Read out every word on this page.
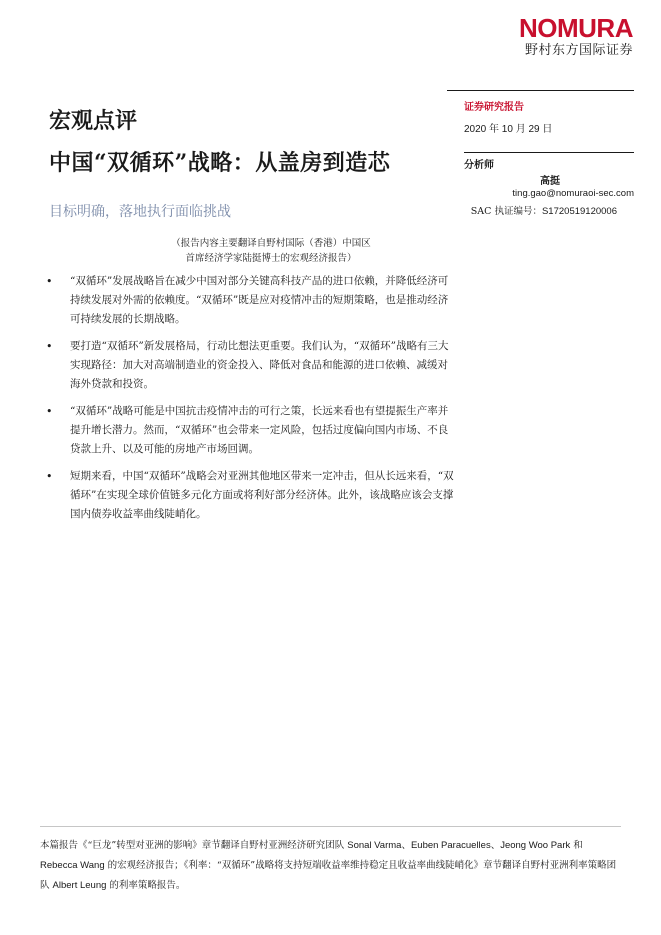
NOMURA
野村东方国际证券
证券研究报告
2020 年 10 月 29 日
宏观点评
中国“双循环”战略：从盖房到造芯
目标明确，落地执行面临挑战
分析师
高挺
ting.gao@nomuraoi-sec.com
SAC 执证编号：S1720519120006
（报告内容主要翻译自野村国际（香港）中国区
首席经济学家陆挺博士的宏观经济报告）
• “双循环”发展战略旨在减少中国对部分关键高科技产品的进口依赖，并降低经济可持续发展对外需的依赖度。“双循环”既是应对疫情冲击的短期策略，也是推动经济可持续发展的长期战略。
• 要打造“双循环”新发展格局，行动比想法更重要。我们认为，“双循环”战略有三大实现路径：加大对高端制造业的资金投入、降低对食品和能源的进口依赖、减缓对海外贷款和投资。
• “双循环”战略可能是中国抗击疫情冲击的可行之策，长远来看也有望提振生产率并提升增长潜力。然而，“双循环”也会带来一定风险，包括过度偏向国内市场、不良贷款上升、以及可能的房地产市场回调。
• 短期来看，中国“双循环”战略会对亚洲其他地区带来一定冲击，但从长远来看，“双循环”在实现全球价值链多元化方面或将利好部分经济体。此外，该战略应该会支撑国内债券收益率曲线陡峭化。
本篇报告《“巨龙”转型对亚洲的影响》章节翻译自野村亚洲经济研究团队 Sonal Varma、Euben Paracuelles、Jeong Woo Park 和 Rebecca Wang 的宏观经济报告；《利率：“双循环”战略将支持短端收益率维持稳定且收益率曲线陡峭化》章节翻译自野村亚洲利率策略团队 Albert Leung 的利率策略报告。
